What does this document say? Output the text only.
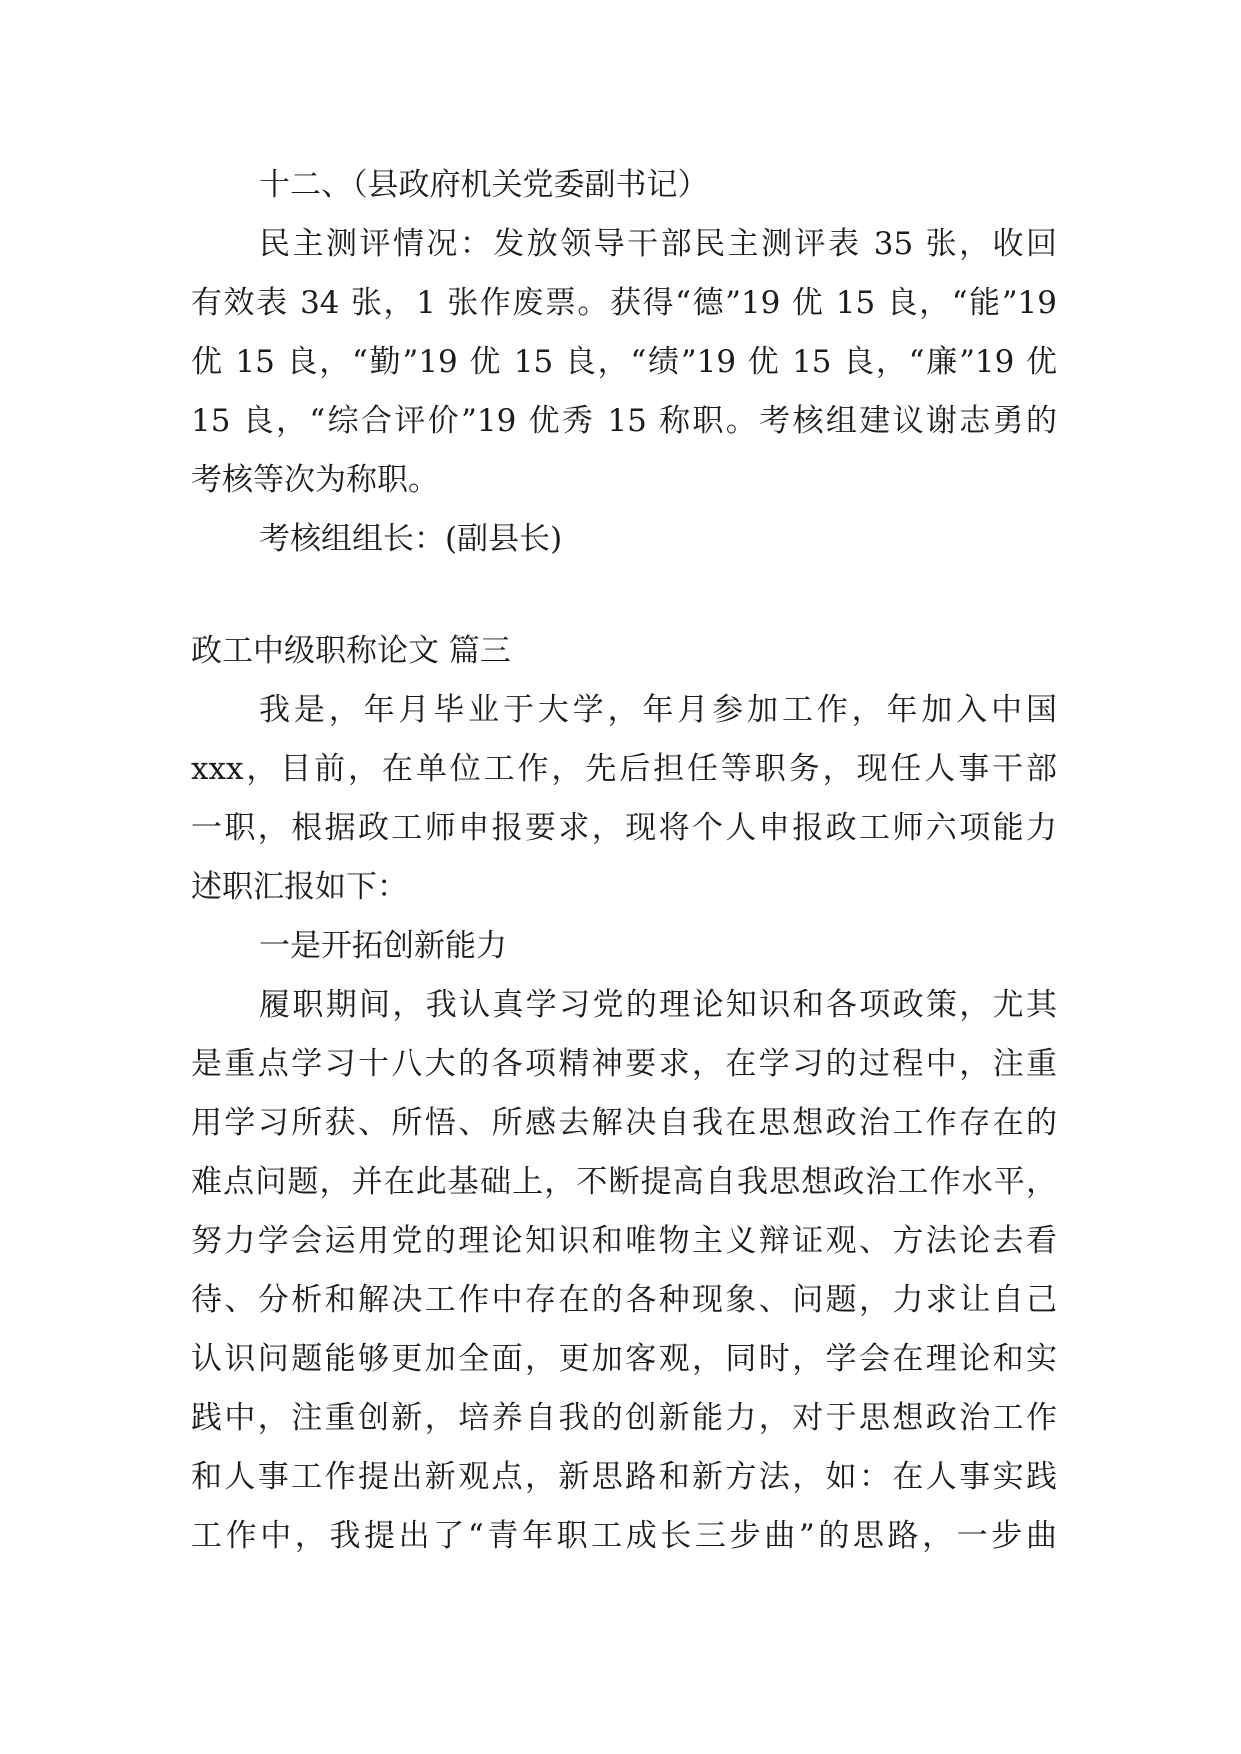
十二、（县政府机关党委副书记）
民主测评情况：发放领导干部民主测评表 35 张，收回
有效表 34 张，1 张作废票。获得“德”19 优 15 良，“能”19
优 15 良，“勤”19 优 15 良，“绩”19 优 15 良，“廉”19 优
15 良，“综合评价”19 优秀 15 称职。考核组建议谢志勇的
考核等次为称职。
考核组组长：(副县长)
政工中级职称论文 篇三
我是，年月毕业于大学，年月参加工作，年加入中国
xxx，目前，在单位工作，先后担任等职务，现任人事干部
一职，根据政工师申报要求，现将个人申报政工师六项能力
述职汇报如下：
一是开拓创新能力
履职期间，我认真学习党的理论知识和各项政策，尤其
是重点学习十八大的各项精神要求，在学习的过程中，注重
用学习所获、所悟、所感去解决自我在思想政治工作存在的
难点问题，并在此基础上，不断提高自我思想政治工作水平，
努力学会运用党的理论知识和唯物主义辩证观、方法论去看
待、分析和解决工作中存在的各种现象、问题，力求让自己
认识问题能够更加全面，更加客观，同时，学会在理论和实
践中，注重创新，培养自我的创新能力，对于思想政治工作
和人事工作提出新观点，新思路和新方法，如：在人事实践
工作中，我提出了“青年职工成长三步曲”的思路，一步曲
